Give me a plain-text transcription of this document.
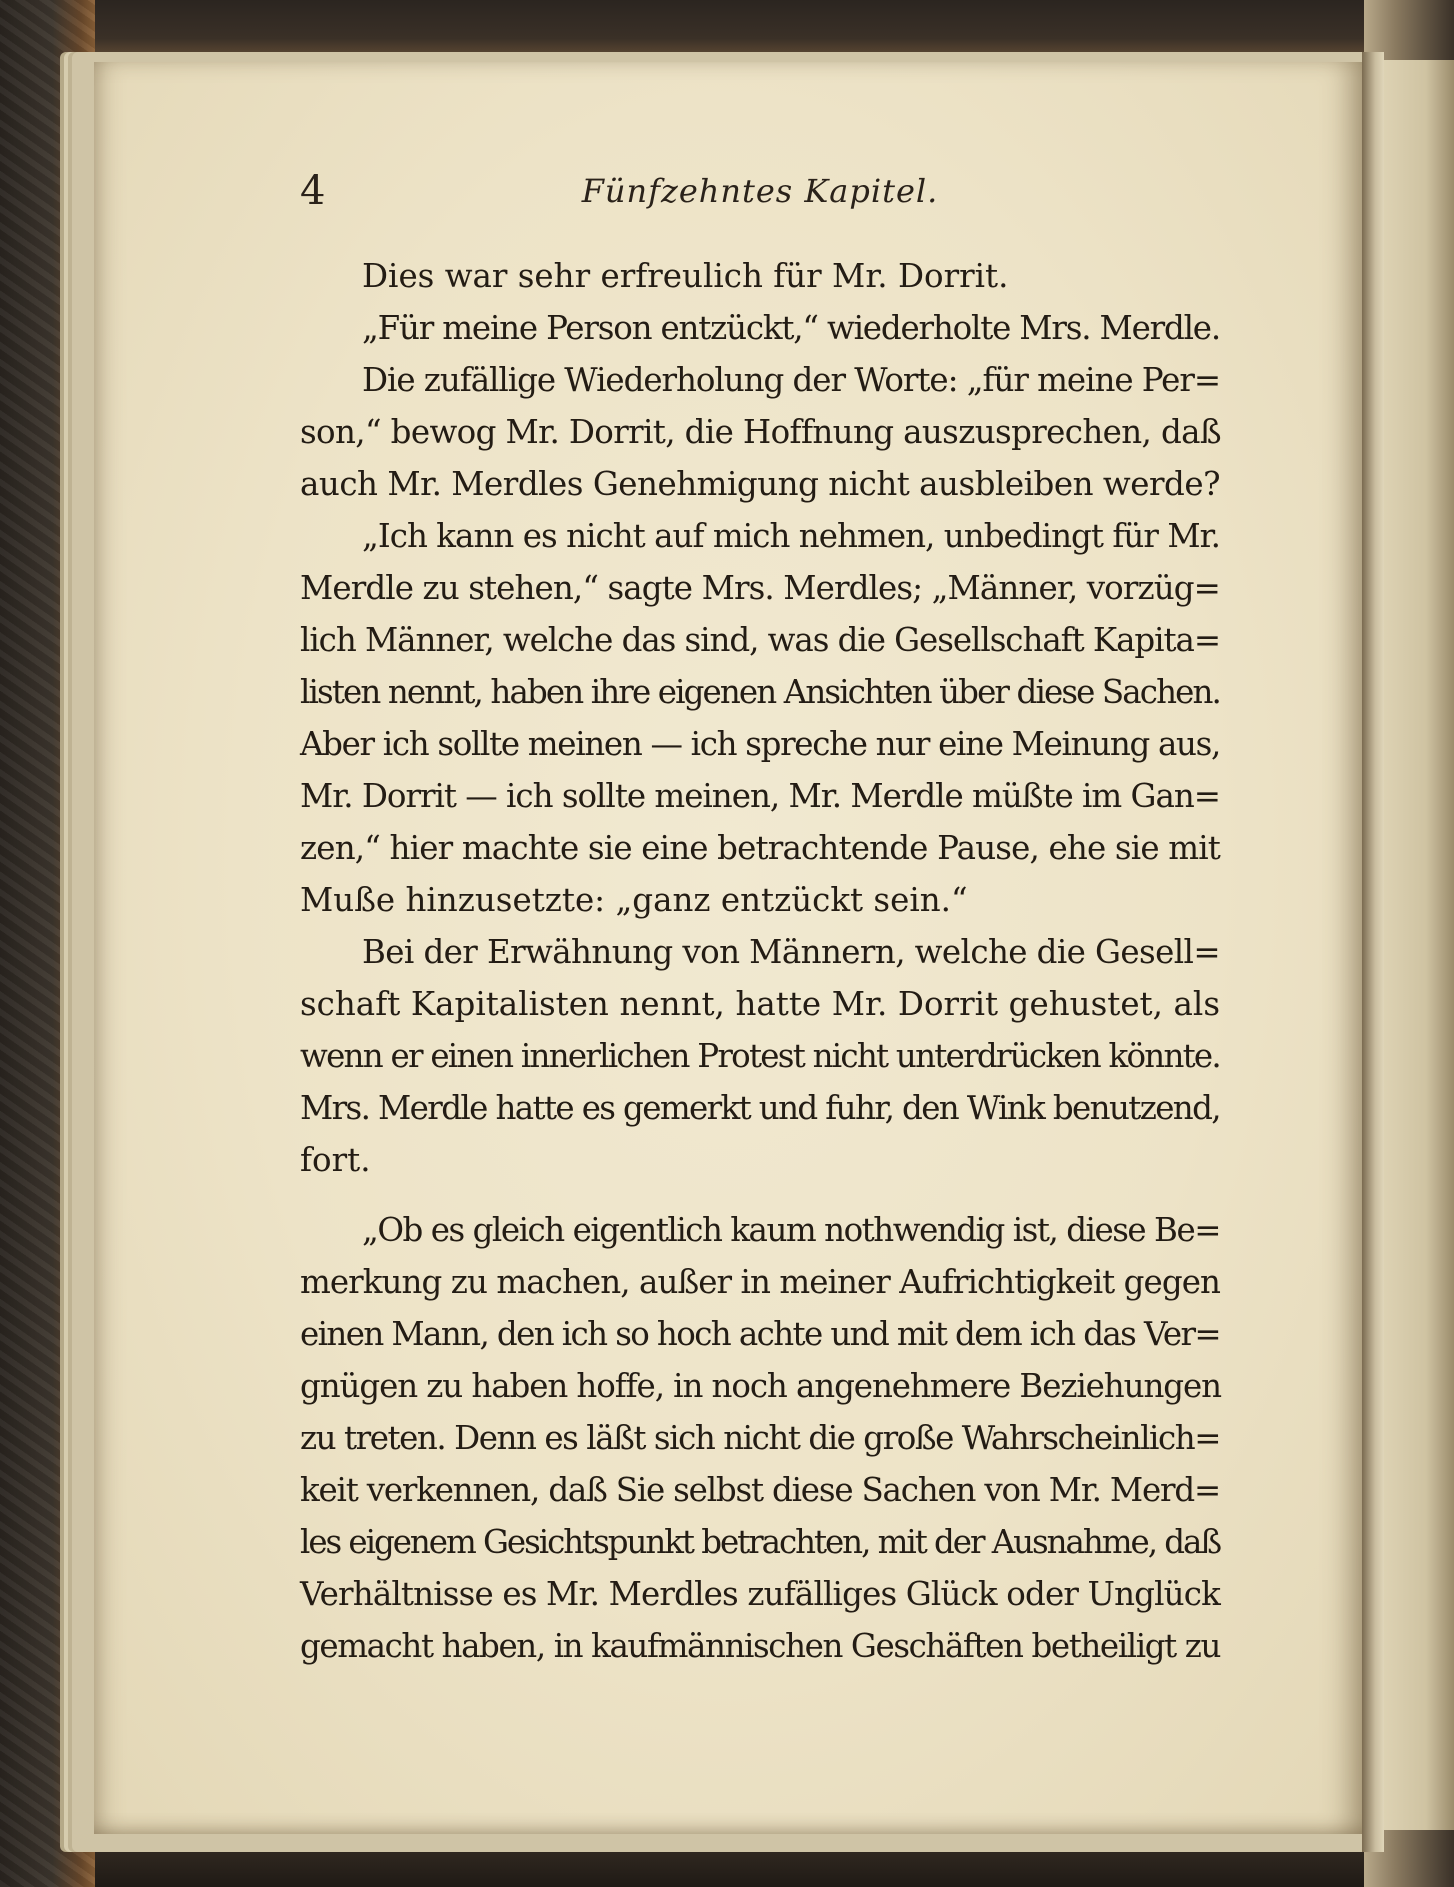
4	Fünfzehntes Kapitel.
Dies war sehr erfreulich für Mr. Dorrit.
„Für meine Person entzückt,“ wiederholte Mrs. Merdle.
Die zufällige Wiederholung der Worte: „für meine Per=
son,“ bewog Mr. Dorrit, die Hoffnung auszusprechen, daß
auch Mr. Merdles Genehmigung nicht ausbleiben werde?
„Ich kann es nicht auf mich nehmen, unbedingt für Mr.
Merdle zu stehen,“ sagte Mrs. Merdles; „Männer, vorzüg=
lich Männer, welche das sind, was die Gesellschaft Kapita=
listen nennt, haben ihre eigenen Ansichten über diese Sachen.
Aber ich sollte meinen — ich spreche nur eine Meinung aus,
Mr. Dorrit — ich sollte meinen, Mr. Merdle müßte im Gan=
zen,“ hier machte sie eine betrachtende Pause, ehe sie mit
Muße hinzusetzte: „ganz entzückt sein.“
Bei der Erwähnung von Männern, welche die Gesell=
schaft Kapitalisten nennt, hatte Mr. Dorrit gehustet, als
wenn er einen innerlichen Protest nicht unterdrücken könnte.
Mrs. Merdle hatte es gemerkt und fuhr, den Wink benutzend,
fort.
„Ob es gleich eigentlich kaum nothwendig ist, diese Be=
merkung zu machen, außer in meiner Aufrichtigkeit gegen
einen Mann, den ich so hoch achte und mit dem ich das Ver=
gnügen zu haben hoffe, in noch angenehmere Beziehungen
zu treten. Denn es läßt sich nicht die große Wahrscheinlich=
keit verkennen, daß Sie selbst diese Sachen von Mr. Merd=
les eigenem Gesichtspunkt betrachten, mit der Ausnahme, daß
Verhältnisse es Mr. Merdles zufälliges Glück oder Unglück
gemacht haben, in kaufmännischen Geschäften betheiligt zu
